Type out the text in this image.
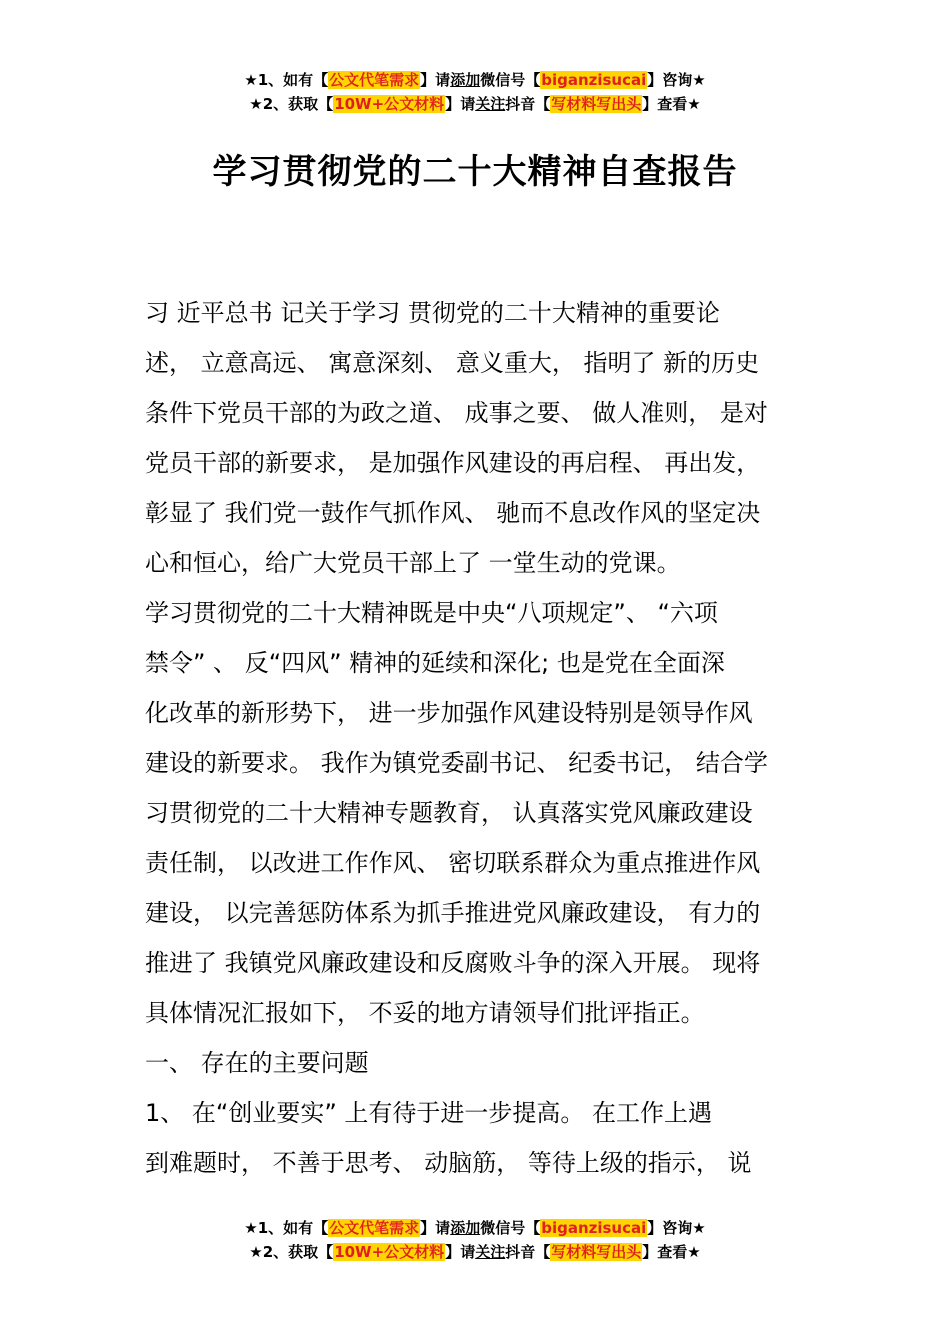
★1、如有【公文代笔需求】请添加微信号【biganzisucai】咨询★
★2、获取【10W+公文材料】请关注抖音【写材料写出头】查看★
学习贯彻党的二十大精神自查报告
习 近平总书 记关于学习 贯彻党的二十大精神的重要论
述， 立意高远、 寓意深刻、 意义重大， 指明了 新的历史
条件下党员干部的为政之道、 成事之要、 做人准则， 是对
党员干部的新要求， 是加强作风建设的再启程、 再出发，
彰显了 我们党一鼓作气抓作风、 驰而不息改作风的坚定决
心和恒心，给广大党员干部上了 一堂生动的党课。
学习贯彻党的二十大精神既是中央“八项规定”、 “六项
禁令” 、 反“四风” 精神的延续和深化; 也是党在全面深
化改革的新形势下， 进一步加强作风建设特别是领导作风
建设的新要求。 我作为镇党委副书记、 纪委书记， 结合学
习贯彻党的二十大精神专题教育， 认真落实党风廉政建设
责任制， 以改进工作作风、 密切联系群众为重点推进作风
建设， 以完善惩防体系为抓手推进党风廉政建设， 有力的
推进了 我镇党风廉政建设和反腐败斗争的深入开展。 现将
具体情况汇报如下， 不妥的地方请领导们批评指正。
一、 存在的主要问题
1、 在“创业要实” 上有待于进一步提高。 在工作上遇
到难题时， 不善于思考、 动脑筋， 等待上级的指示， 说
★1、如有【公文代笔需求】请添加微信号【biganzisucai】咨询★
★2、获取【10W+公文材料】请关注抖音【写材料写出头】查看★
